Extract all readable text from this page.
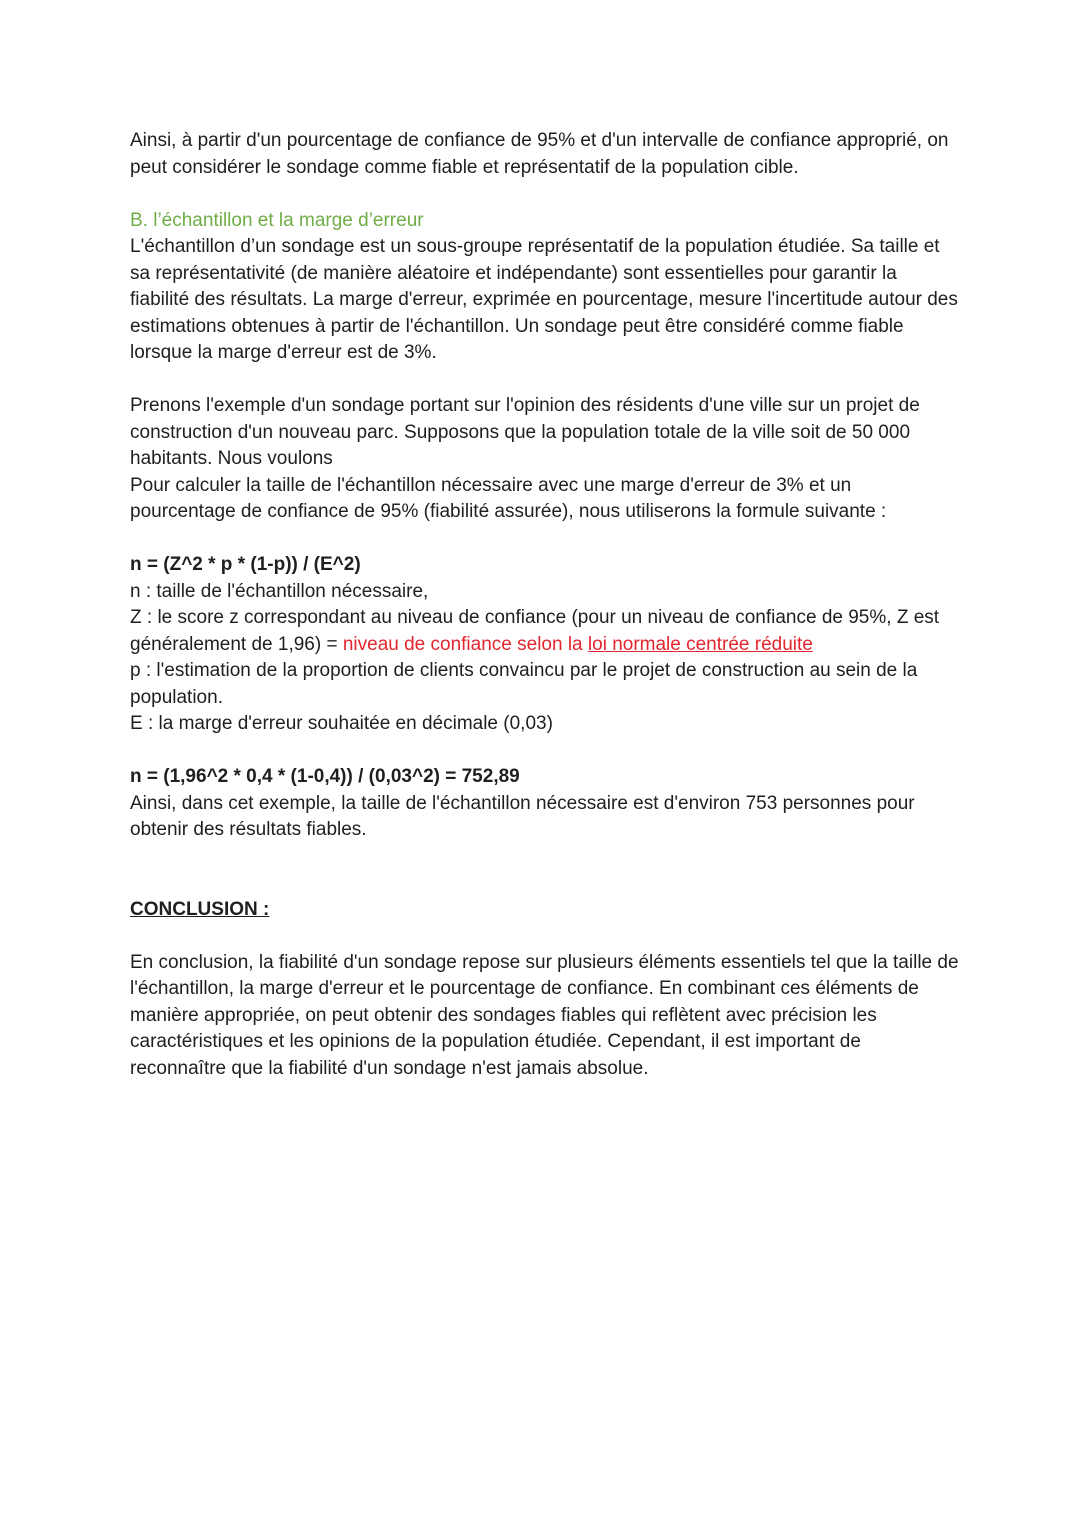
Ainsi, à partir d'un pourcentage de confiance de 95% et d'un intervalle de confiance approprié, on peut considérer le sondage comme fiable et représentatif de la population cible.

B. l’échantillon et la marge d’erreur

L'échantillon d’un sondage est un sous-groupe représentatif de la population étudiée. Sa taille et sa représentativité (de manière aléatoire et indépendante) sont essentielles pour garantir la fiabilité des résultats. La marge d'erreur, exprimée en pourcentage, mesure l'incertitude autour des estimations obtenues à partir de l'échantillon. Un sondage peut être considéré comme fiable lorsque la marge d'erreur est de 3%.

Prenons l'exemple d'un sondage portant sur l'opinion des résidents d'une ville sur un projet de construction d'un nouveau parc. Supposons que la population totale de la ville soit de 50 000 habitants. Nous voulons

Pour calculer la taille de l'échantillon nécessaire avec une marge d'erreur de 3% et un pourcentage de confiance de 95% (fiabilité assurée), nous utiliserons la formule suivante :

n = (Z^2 * p * (1-p)) / (E^2)

n : taille de l'échantillon nécessaire,

Z : le score z correspondant au niveau de confiance (pour un niveau de confiance de 95%, Z est généralement de 1,96) = niveau de confiance selon la loi normale centrée réduite

p : l'estimation de la proportion de clients convaincu par le projet de construction au sein de la population.

E : la marge d'erreur souhaitée en décimale (0,03)

n = (1,96^2 * 0,4 * (1-0,4)) / (0,03^2) = 752,89

Ainsi, dans cet exemple, la taille de l'échantillon nécessaire est d'environ 753 personnes pour obtenir des résultats fiables.

CONCLUSION :

En conclusion, la fiabilité d'un sondage repose sur plusieurs éléments essentiels tel que la taille de l'échantillon, la marge d'erreur et le pourcentage de confiance. En combinant ces éléments de manière appropriée, on peut obtenir des sondages fiables qui reflètent avec précision les caractéristiques et les opinions de la population étudiée. Cependant, il est important de reconnaître que la fiabilité d'un sondage n'est jamais absolue.
